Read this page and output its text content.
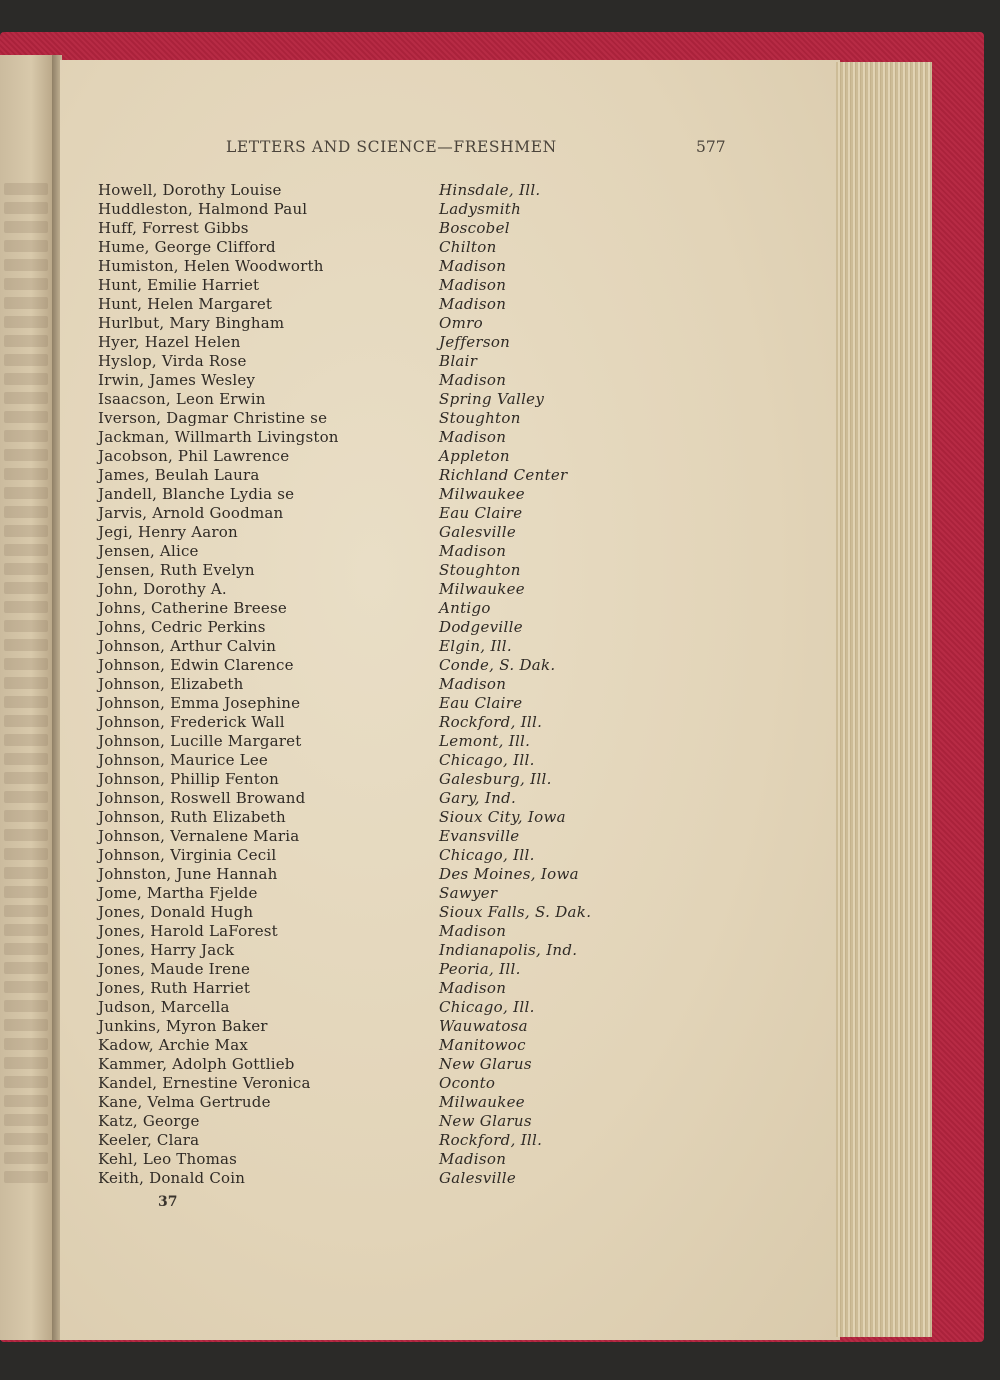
LETTERS AND SCIENCE—FRESHMEN	577
Howell, Dorothy Louise	Hinsdale, Ill.
Huddleston, Halmond Paul	Ladysmith
Huff, Forrest Gibbs	Boscobel
Hume, George Clifford	Chilton
Humiston, Helen Woodworth	Madison
Hunt, Emilie Harriet	Madison
Hunt, Helen Margaret	Madison
Hurlbut, Mary Bingham	Omro
Hyer, Hazel Helen	Jefferson
Hyslop, Virda Rose	Blair
Irwin, James Wesley	Madison
Isaacson, Leon Erwin	Spring Valley
Iverson, Dagmar Christine se	Stoughton
Jackman, Willmarth Livingston	Madison
Jacobson, Phil Lawrence	Appleton
James, Beulah Laura	Richland Center
Jandell, Blanche Lydia se	Milwaukee
Jarvis, Arnold Goodman	Eau Claire
Jegi, Henry Aaron	Galesville
Jensen, Alice	Madison
Jensen, Ruth Evelyn	Stoughton
John, Dorothy A.	Milwaukee
Johns, Catherine Breese	Antigo
Johns, Cedric Perkins	Dodgeville
Johnson, Arthur Calvin	Elgin, Ill.
Johnson, Edwin Clarence	Conde, S. Dak.
Johnson, Elizabeth	Madison
Johnson, Emma Josephine	Eau Claire
Johnson, Frederick Wall	Rockford, Ill.
Johnson, Lucille Margaret	Lemont, Ill.
Johnson, Maurice Lee	Chicago, Ill.
Johnson, Phillip Fenton	Galesburg, Ill.
Johnson, Roswell Browand	Gary, Ind.
Johnson, Ruth Elizabeth	Sioux City, Iowa
Johnson, Vernalene Maria	Evansville
Johnson, Virginia Cecil	Chicago, Ill.
Johnston, June Hannah	Des Moines, Iowa
Jome, Martha Fjelde	Sawyer
Jones, Donald Hugh	Sioux Falls, S. Dak.
Jones, Harold LaForest	Madison
Jones, Harry Jack	Indianapolis, Ind.
Jones, Maude Irene	Peoria, Ill.
Jones, Ruth Harriet	Madison
Judson, Marcella	Chicago, Ill.
Junkins, Myron Baker	Wauwatosa
Kadow, Archie Max	Manitowoc
Kammer, Adolph Gottlieb	New Glarus
Kandel, Ernestine Veronica	Oconto
Kane, Velma Gertrude	Milwaukee
Katz, George	New Glarus
Keeler, Clara	Rockford, Ill.
Kehl, Leo Thomas	Madison
Keith, Donald Coin	Galesville
37
